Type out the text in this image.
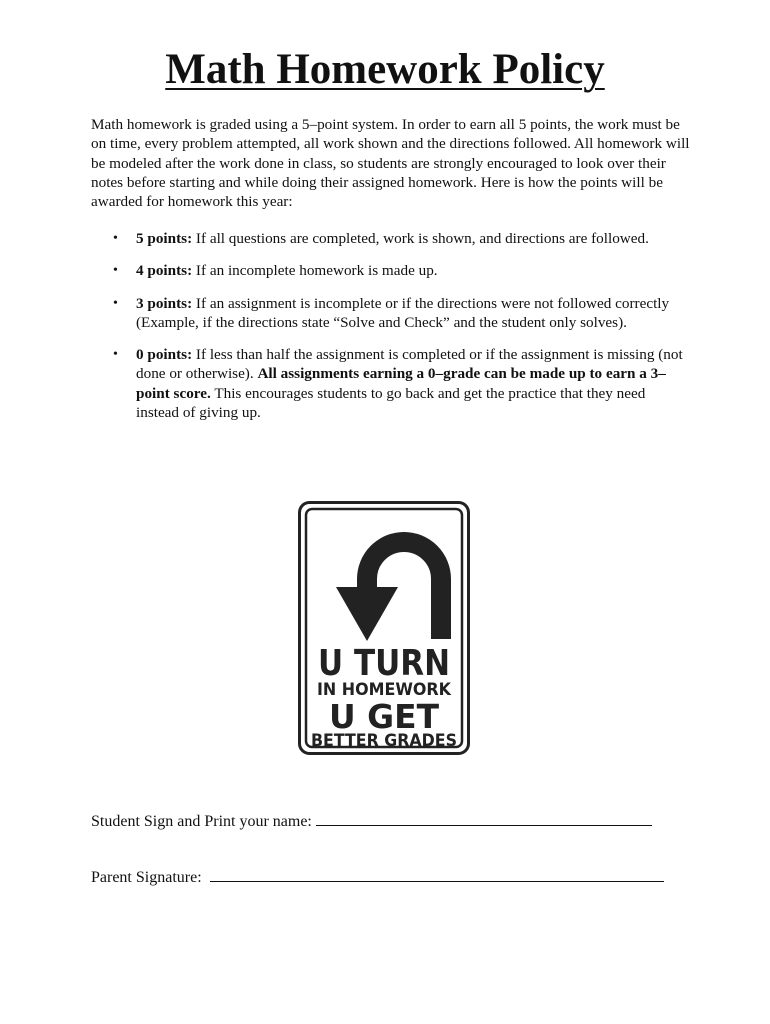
Math Homework Policy

Math homework is graded using a 5–point system. In order to earn all 5 points, the work must be on time, every problem attempted, all work shown and the directions followed. All homework will be modeled after the work done in class, so students are strongly encouraged to look over their notes before starting and while doing their assigned homework. Here is how the points will be awarded for homework this year:

• 5 points: If all questions are completed, work is shown, and directions are followed.
• 4 points: If an incomplete homework is made up.
• 3 points: If an assignment is incomplete or if the directions were not followed correctly (Example, if the directions state “Solve and Check” and the student only solves).
• 0 points: If less than half the assignment is completed or if the assignment is missing (not done or otherwise). All assignments earning a 0–grade can be made up to earn a 3–point score. This encourages students to go back and get the practice that they need instead of giving up.
U TURN
IN HOMEWORK
U GET
BETTER GRADES
Student Sign and Print your name:
Parent Signature:
